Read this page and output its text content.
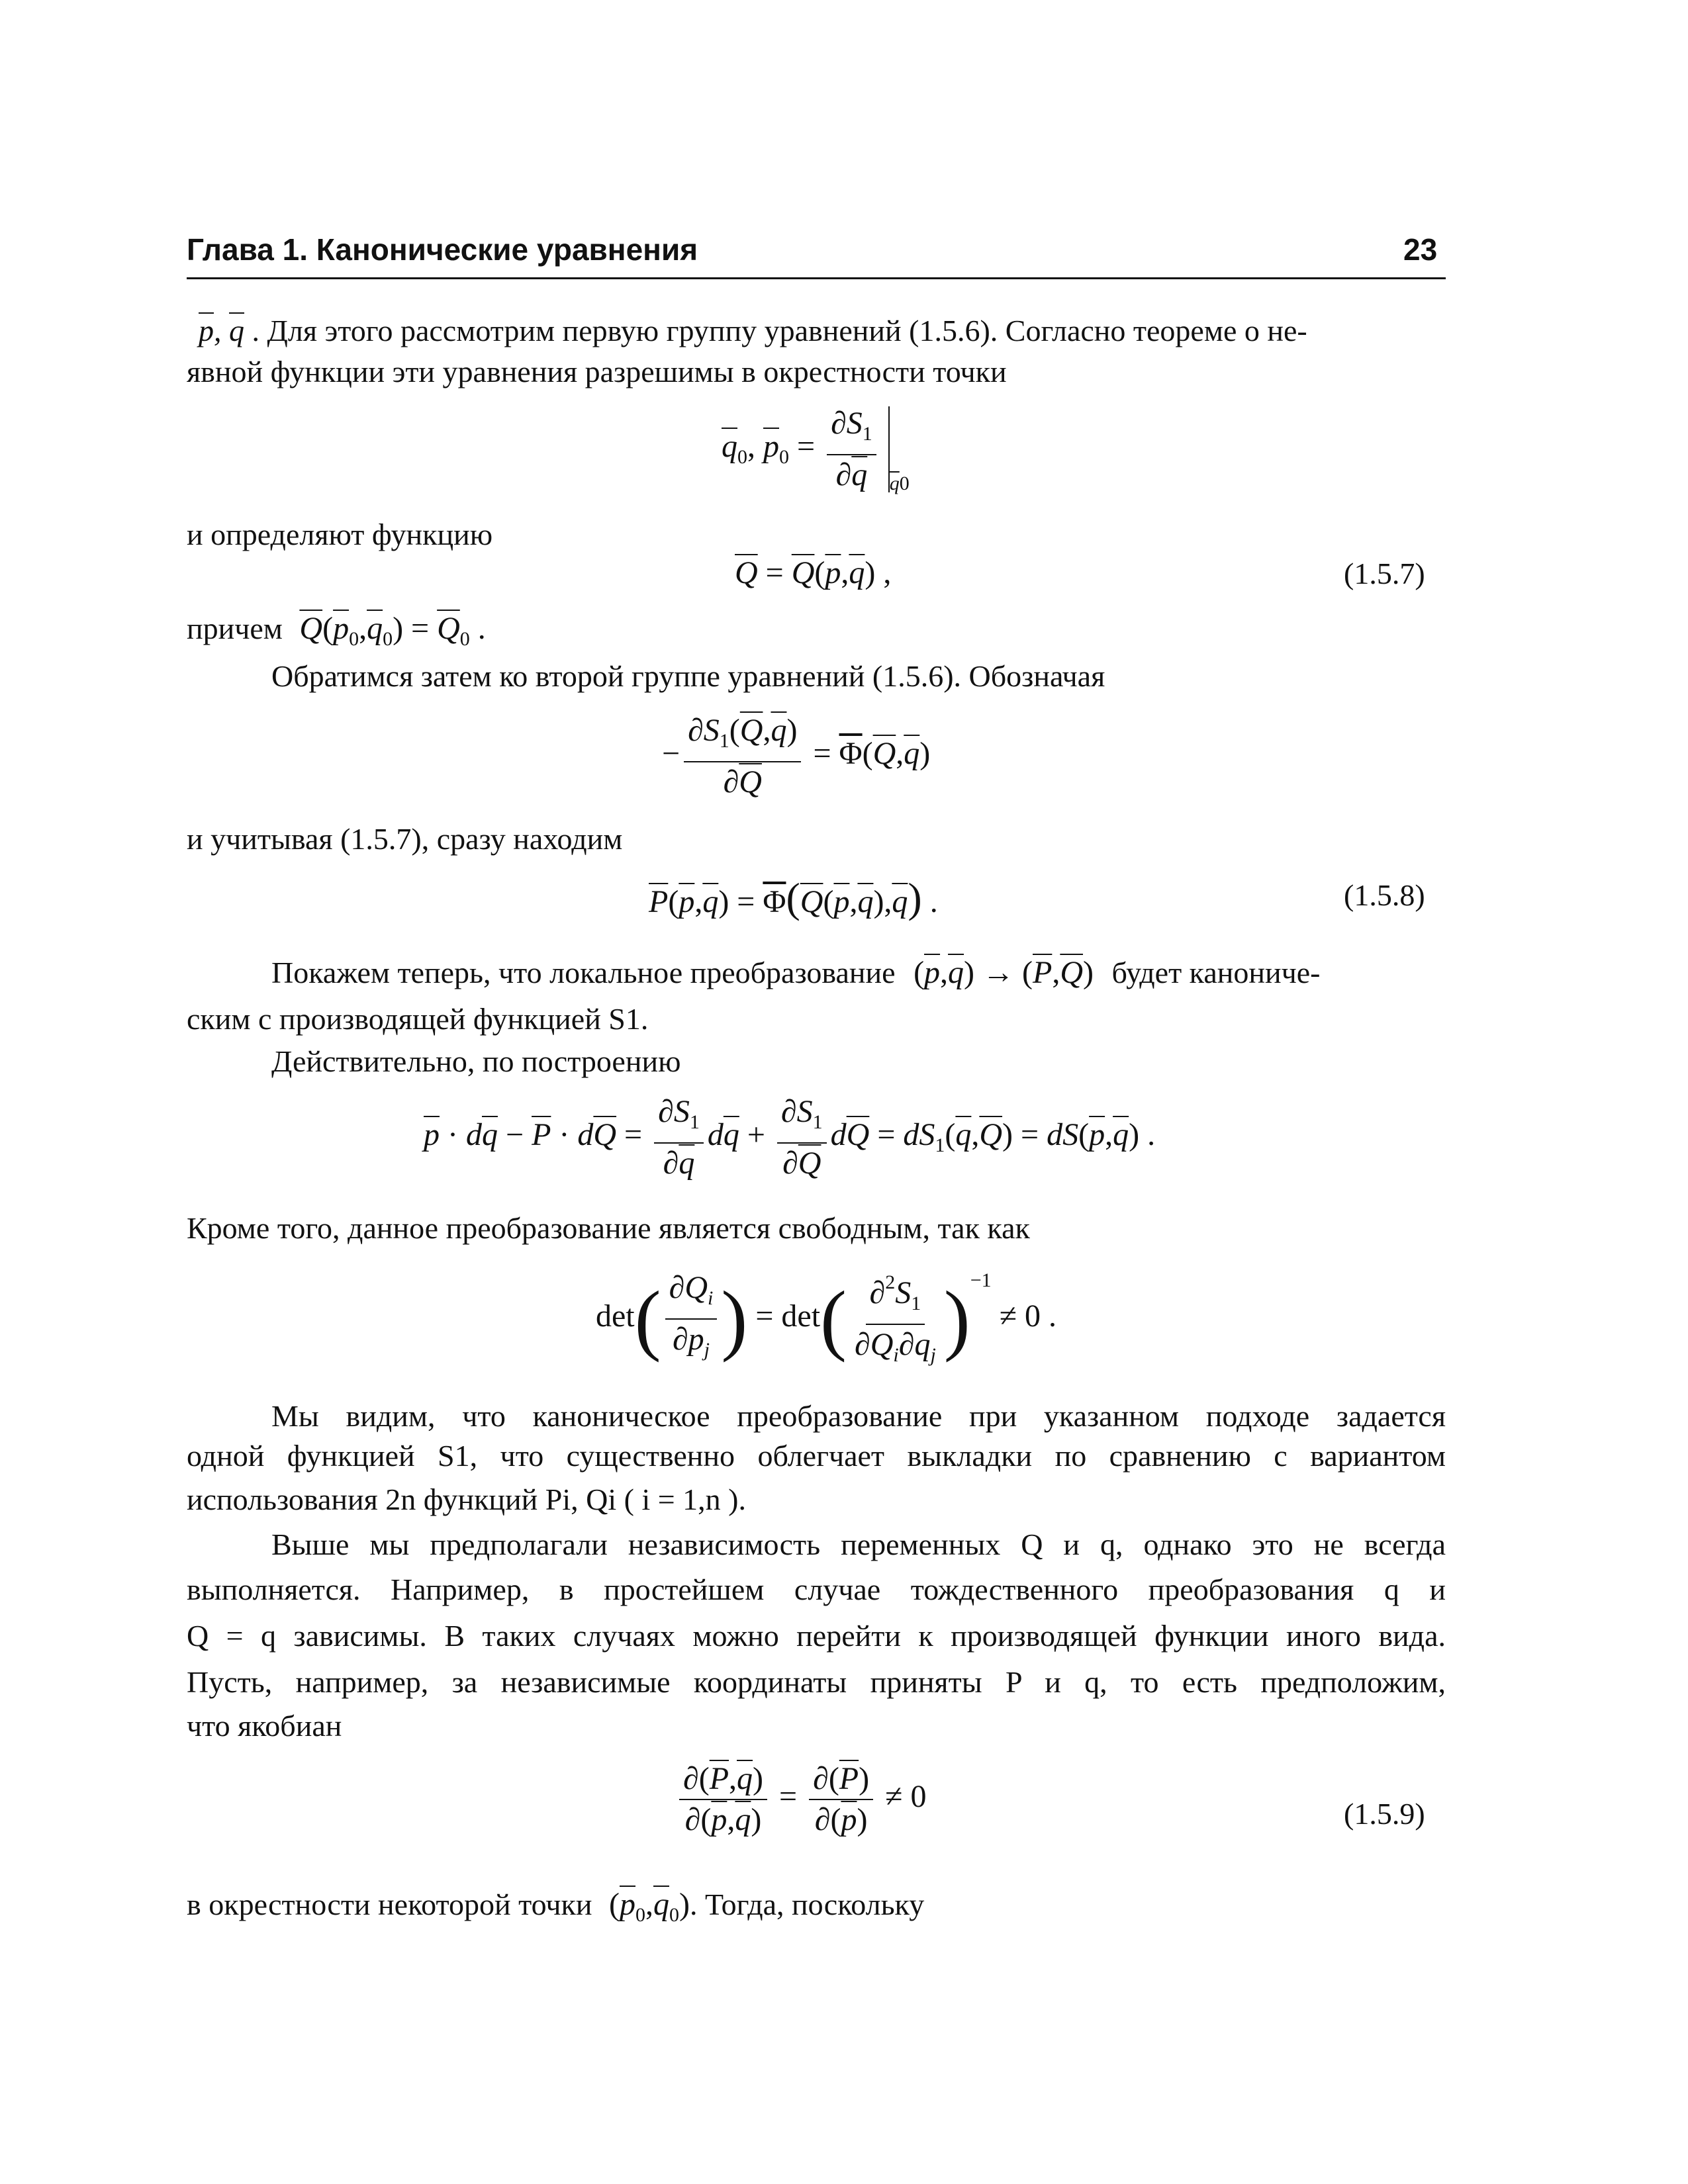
Глава 1. Канонические уравнения	23
$\overline{p}$, $\overline{q}$ . Для этого рассмотрим первую группу уравнений (1.5.6). Согласно теореме о не-
явной функции эти уравнения разрешимы в окрестности точки
$\overline{q}_0$, $\overline{p}_0 = \frac{\partial S_1}{\partial\overline{q}} _{\overline{q}0}$
и определяют функцию
$\overline{Q} = \overline{Q}(\overline{p},\overline{q})$ ,	(1.5.7)
причем $\overline{Q}(\overline{p}_0,\overline{q}_0) = \overline{Q}_0$ .
Обратимся затем ко второй группе уравнений (1.5.6). Обозначая
− $\frac{\partial S_1(\overline{Q},\overline{q})}{\partial\overline{Q}} = \overline{\Phi}(\overline{Q},\overline{q})$
и учитывая (1.5.7), сразу находим
$\overline{P}(\overline{p},\overline{q}) = \overline{\Phi}(\overline{Q}(\overline{p},\overline{q}),\overline{q})$ .	(1.5.8)
Покажем теперь, что локальное преобразование $(\overline{p},\overline{q}) \to (\overline{P},\overline{Q})$ будет канониче-
ским с производящей функцией S1.
Действительно, по построению
$\overline{p} \cdot d\overline{q} - \overline{P} \cdot d\overline{Q} = \frac{\partial S_1}{\partial\overline{q}} d\overline{q} + \frac{\partial S_1}{\partial\overline{Q}} d\overline{Q} = dS_1(\overline{q},\overline{Q}) = dS(\overline{p},\overline{q})$ .
Кроме того, данное преобразование является свободным, так как
$\det( \frac{\partial Q_i}{\partial p_j}$ ) = $\det( \frac{\partial^2S_1}{\partial Q_i\partial q_j} )^{-1} \ne 0$ .
Мы видим, что каноническое преобразование при указанном подходе задается
одной функцией S1, что существенно облегчает выкладки по сравнению с вариантом
использования 2n функций Pi, Qi ( i = 1,n ).
Выше мы предполагали независимость переменных Q и q, однако это не всегда
выполняется. Например, в простейшем случае тождественного преобразования q и
Q = q зависимы. В таких случаях можно перейти к производящей функции иного вида.
Пусть, например, за независимые координаты приняты P и q, то есть предположим,
что якобиан
$\frac{\partial(\overline{P},\overline{q})}{\partial(\overline{p},\overline{q})} = \frac{\partial(\overline{P})}{\partial(\overline{p})} \ne 0$	(1.5.9)
в окрестности некоторой точки $(\overline{p}_0,\overline{q}_0)$. Тогда, поскольку
